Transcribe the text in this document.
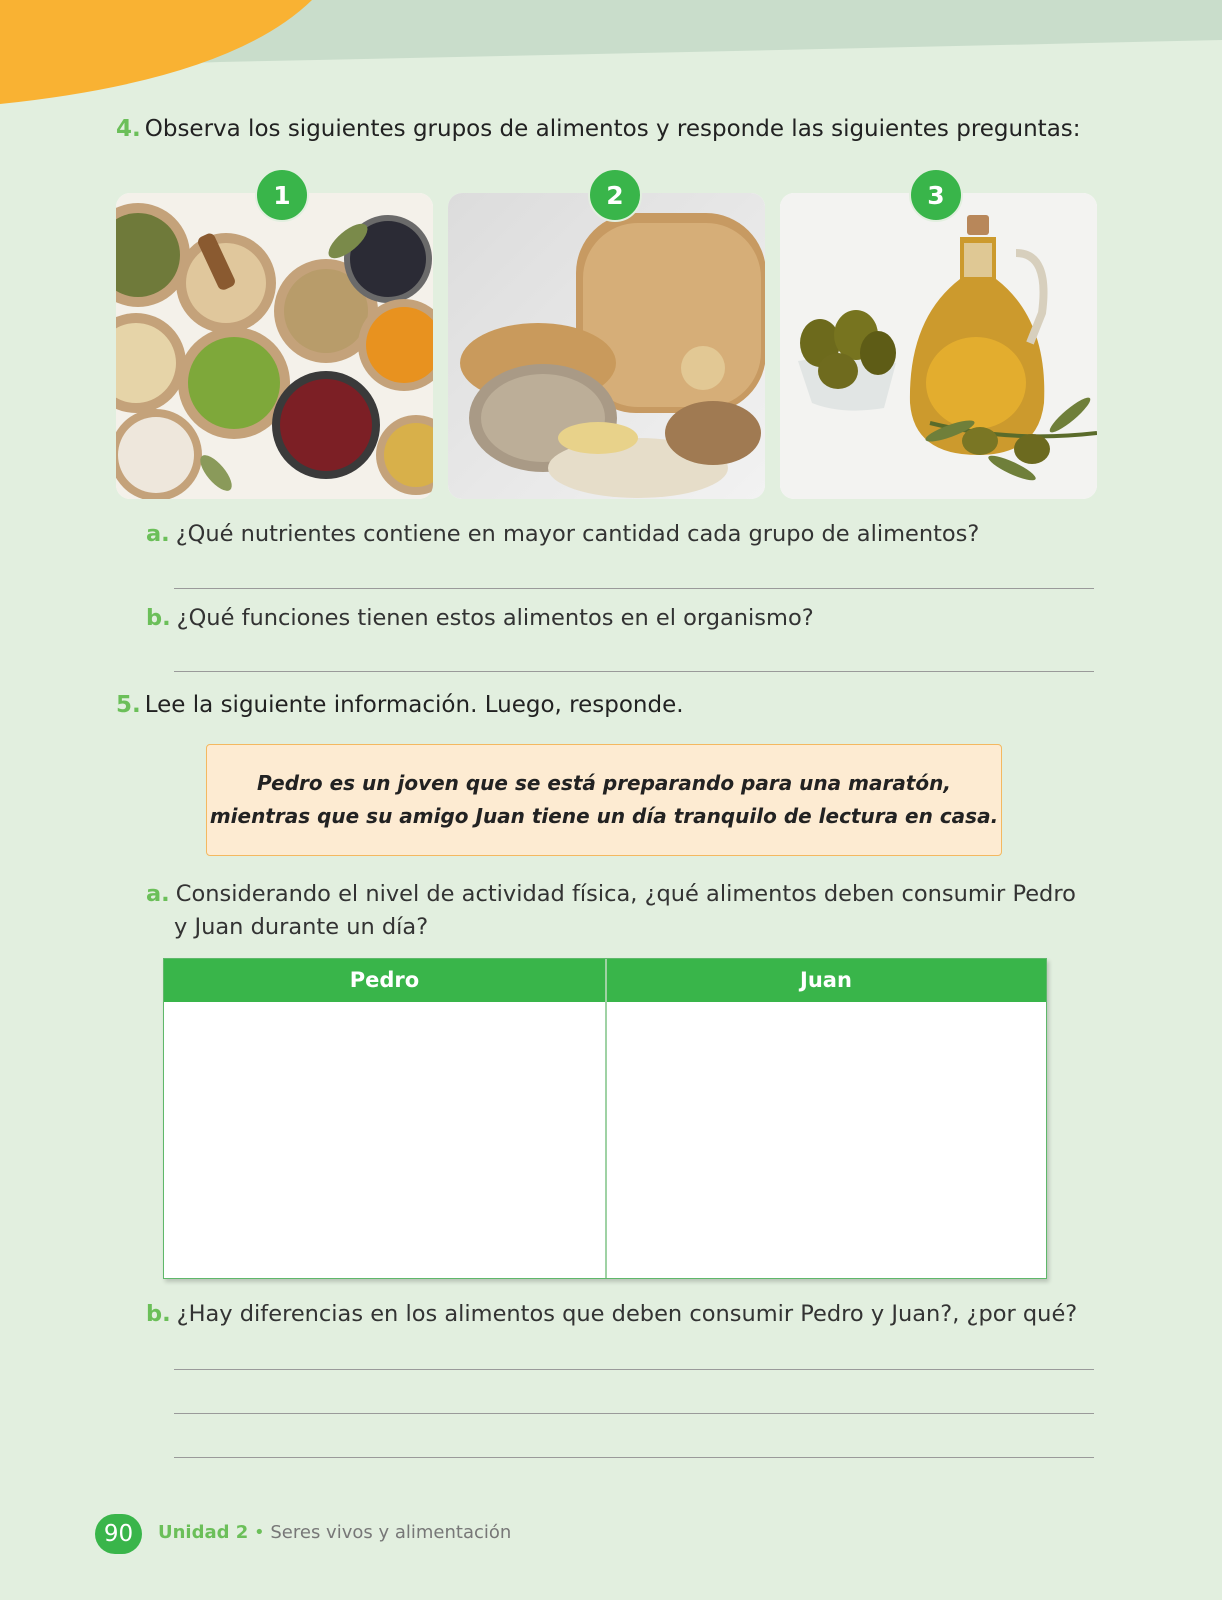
4. Observa los siguientes grupos de alimentos y responde las siguientes preguntas:
1	2	3
a. ¿Qué nutrientes contiene en mayor cantidad cada grupo de alimentos?
b. ¿Qué funciones tienen estos alimentos en el organismo?
5. Lee la siguiente información. Luego, responde.
Pedro es un joven que se está preparando para una maratón,
mientras que su amigo Juan tiene un día tranquilo de lectura en casa.
a. Considerando el nivel de actividad física, ¿qué alimentos deben consumir Pedro
y Juan durante un día?
Pedro	Juan
b. ¿Hay diferencias en los alimentos que deben consumir Pedro y Juan?, ¿por qué?
90	Unidad 2 • Seres vivos y alimentación
